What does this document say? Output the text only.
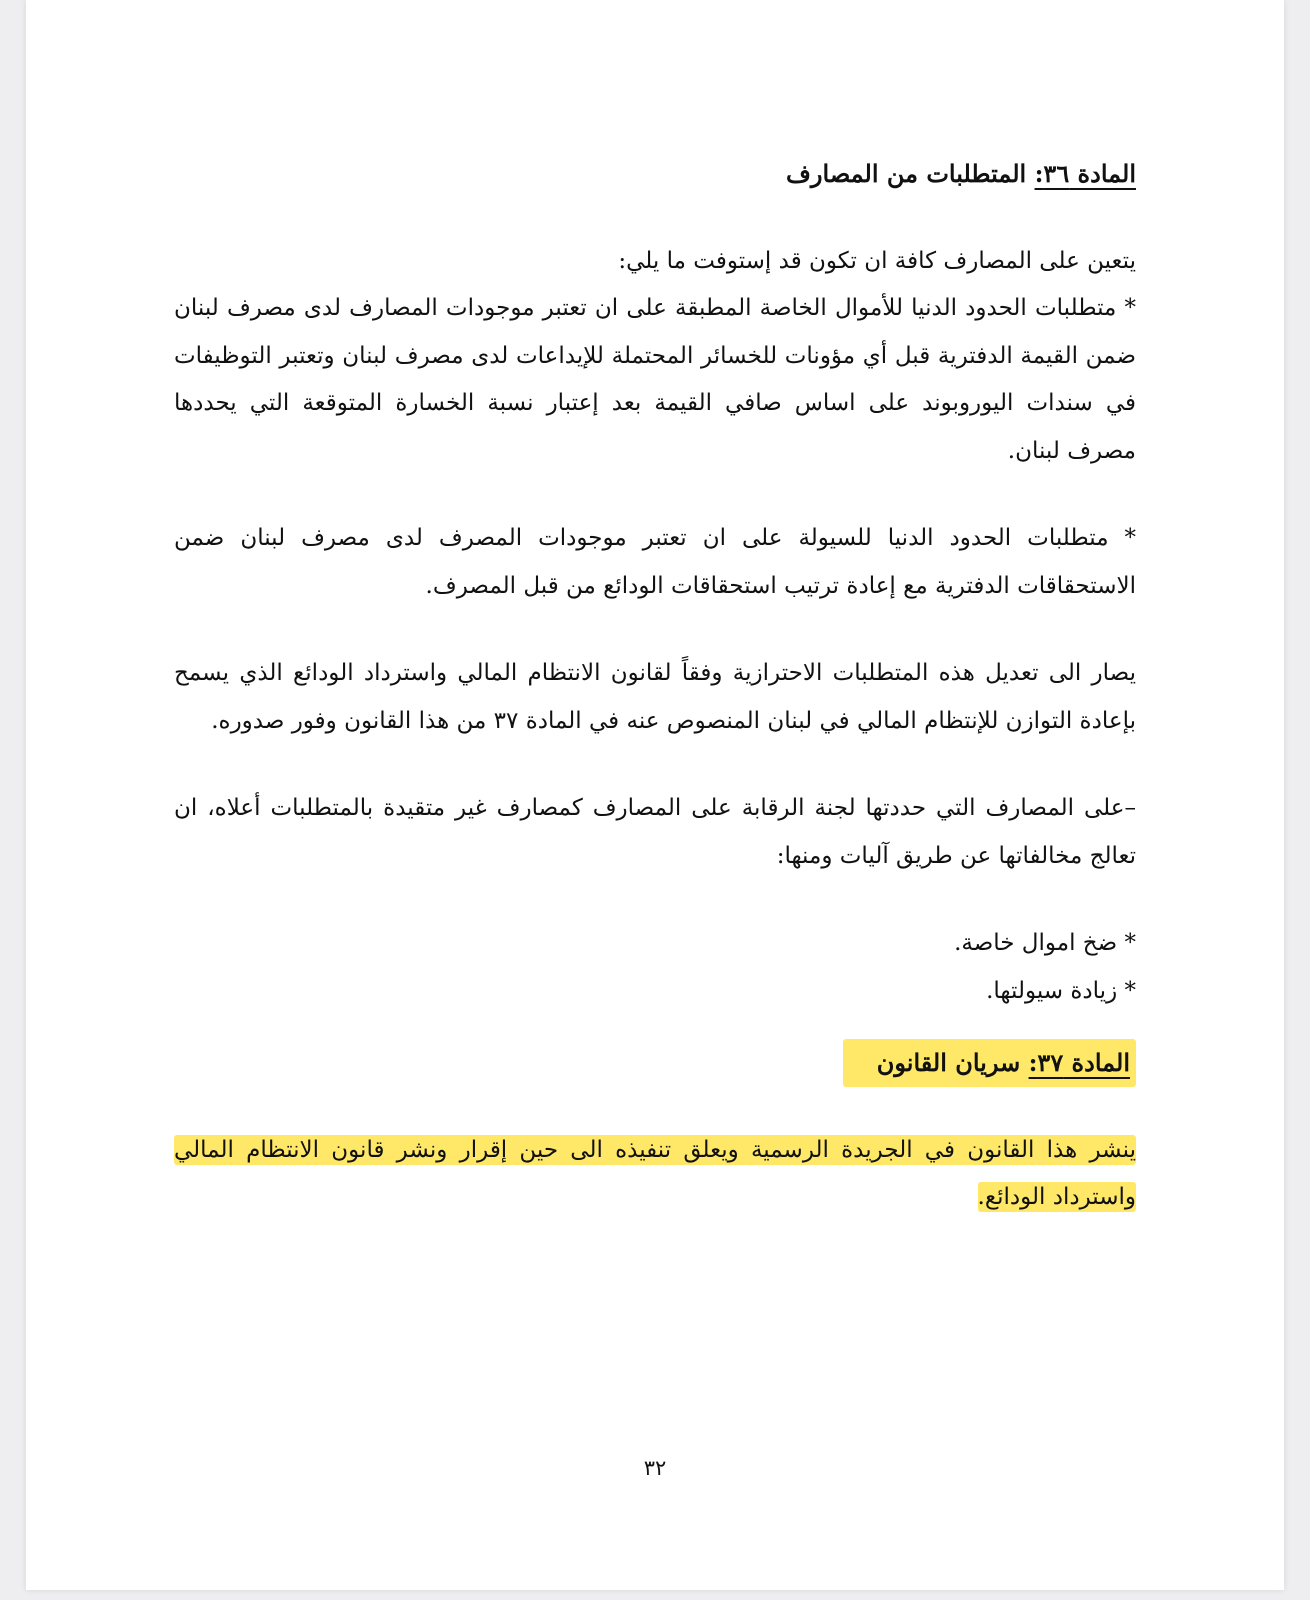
المادة ٣٦: المتطلبات من المصارف

يتعين على المصارف كافة ان تكون قد إستوفت ما يلي:

* متطلبات الحدود الدنيا للأموال الخاصة المطبقة على ان تعتبر موجودات المصارف لدى مصرف لبنان ضمن القيمة الدفترية قبل أي مؤونات للخسائر المحتملة للإيداعات لدى مصرف لبنان وتعتبر التوظيفات في سندات اليوروبوند على اساس صافي القيمة بعد إعتبار نسبة الخسارة المتوقعة التي يحددها مصرف لبنان.

* متطلبات الحدود الدنيا للسيولة على ان تعتبر موجودات المصرف لدى مصرف لبنان ضمن الاستحقاقات الدفترية مع إعادة ترتيب استحقاقات الودائع من قبل المصرف.

يصار الى تعديل هذه المتطلبات الاحترازية وفقاً لقانون الانتظام المالي واسترداد الودائع الذي يسمح بإعادة التوازن للإنتظام المالي في لبنان المنصوص عنه في المادة ٣٧ من هذا القانون وفور صدوره.

–على المصارف التي حددتها لجنة الرقابة على المصارف كمصارف غير متقيدة بالمتطلبات أعلاه، ان تعالج مخالفاتها عن طريق آليات ومنها:

* ضخ اموال خاصة.

* زيادة سيولتها.

المادة ٣٧: سريان القانون

ينشر هذا القانون في الجريدة الرسمية ويعلق تنفيذه الى حين إقرار ونشر قانون الانتظام المالي واسترداد الودائع.

٣٢
